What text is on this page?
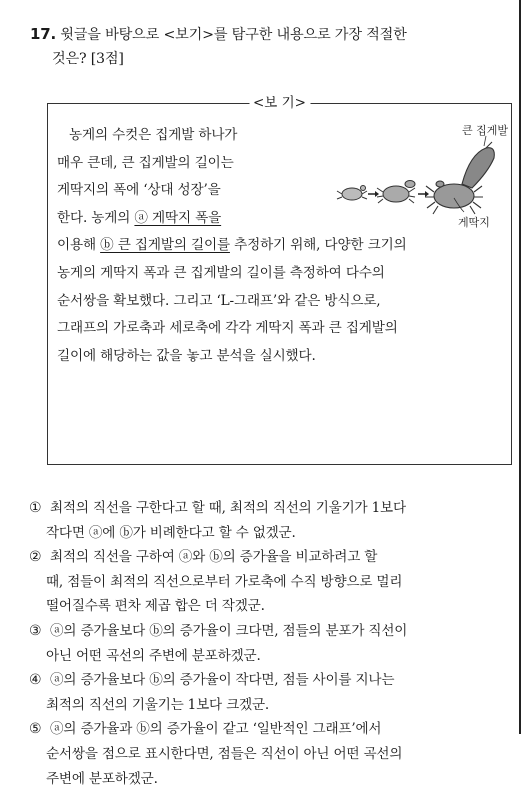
17. 윗글을 바탕으로 <보기>를 탐구한 내용으로 가장 적절한
것은? [3점]
<보 기>
농게의 수컷은 집게발 하나가
매우 큰데, 큰 집게발의 길이는
게딱지의 폭에 ‘상대 성장’을
한다. 농게의 ⓐ 게딱지 폭을
이용해 ⓑ 큰 집게발의 길이를 추정하기 위해, 다양한 크기의
농게의 게딱지 폭과 큰 집게발의 길이를 측정하여 다수의
순서쌍을 확보했다. 그리고 ‘L-그래프’와 같은 방식으로,
그래프의 가로축과 세로축에 각각 게딱지 폭과 큰 집게발의
길이에 해당하는 값을 놓고 분석을 실시했다.
큰 집게발
게딱지
① 최적의 직선을 구한다고 할 때, 최적의 직선의 기울기가 1보다
작다면 ⓐ에 ⓑ가 비례한다고 할 수 없겠군.
② 최적의 직선을 구하여 ⓐ와 ⓑ의 증가율을 비교하려고 할
때, 점들이 최적의 직선으로부터 가로축에 수직 방향으로 멀리
떨어질수록 편차 제곱 합은 더 작겠군.
③ ⓐ의 증가율보다 ⓑ의 증가율이 크다면, 점들의 분포가 직선이
아닌 어떤 곡선의 주변에 분포하겠군.
④ ⓐ의 증가율보다 ⓑ의 증가율이 작다면, 점들 사이를 지나는
최적의 직선의 기울기는 1보다 크겠군.
⑤ ⓐ의 증가율과 ⓑ의 증가율이 같고 ‘일반적인 그래프’에서
순서쌍을 점으로 표시한다면, 점들은 직선이 아닌 어떤 곡선의
주변에 분포하겠군.
